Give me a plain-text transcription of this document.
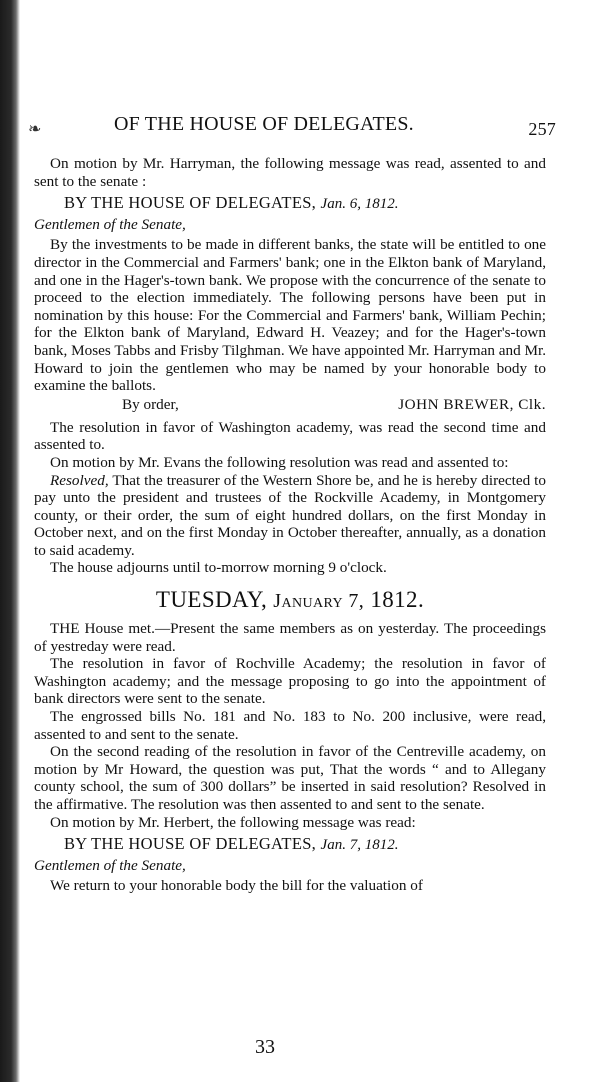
❧	OF THE HOUSE OF DELEGATES.	257

On motion by Mr. Harryman, the following message was read, assented to and sent to the senate :

BY THE HOUSE OF DELEGATES, Jan. 6, 1812.

Gentlemen of the Senate,

By the investments to be made in different banks, the state will be entitled to one director in the Commercial and Farmers' bank; one in the Elkton bank of Maryland, and one in the Hager's-town bank. We propose with the concurrence of the senate to proceed to the election immediately. The following persons have been put in nomination by this house: For the Commercial and Farmers' bank, William Pechin; for the Elkton bank of Maryland, Edward H. Veazey; and for the Hager's-town bank, Moses Tabbs and Frisby Tilghman. We have appointed Mr. Harryman and Mr. Howard to join the gentlemen who may be named by your honorable body to examine the ballots.

By order,	JOHN BREWER, Clk.

The resolution in favor of Washington academy, was read the second time and assented to.

On motion by Mr. Evans the following resolution was read and assented to:

Resolved, That the treasurer of the Western Shore be, and he is hereby directed to pay unto the president and trustees of the Rockville Academy, in Montgomery county, or their order, the sum of eight hundred dollars, on the first Monday in October next, and on the first Monday in October thereafter, annually, as a donation to said academy.

The house adjourns until to-morrow morning 9 o'clock.

TUESDAY, January 7, 1812.

THE House met.—Present the same members as on yesterday. The proceedings of yestreday were read.

The resolution in favor of Rochville Academy; the resolution in favor of Washington academy; and the message proposing to go into the appointment of bank directors were sent to the senate.

The engrossed bills No. 181 and No. 183 to No. 200 inclusive, were read, assented to and sent to the senate.

On the second reading of the resolution in favor of the Centreville academy, on motion by Mr Howard, the question was put, That the words “ and to Allegany county school, the sum of 300 dollars” be inserted in said resolution? Resolved in the affirmative. The resolution was then assented to and sent to the senate.

On motion by Mr. Herbert, the following message was read:

BY THE HOUSE OF DELEGATES, Jan. 7, 1812.

Gentlemen of the Senate,

We return to your honorable body the bill for the valuation of

33
